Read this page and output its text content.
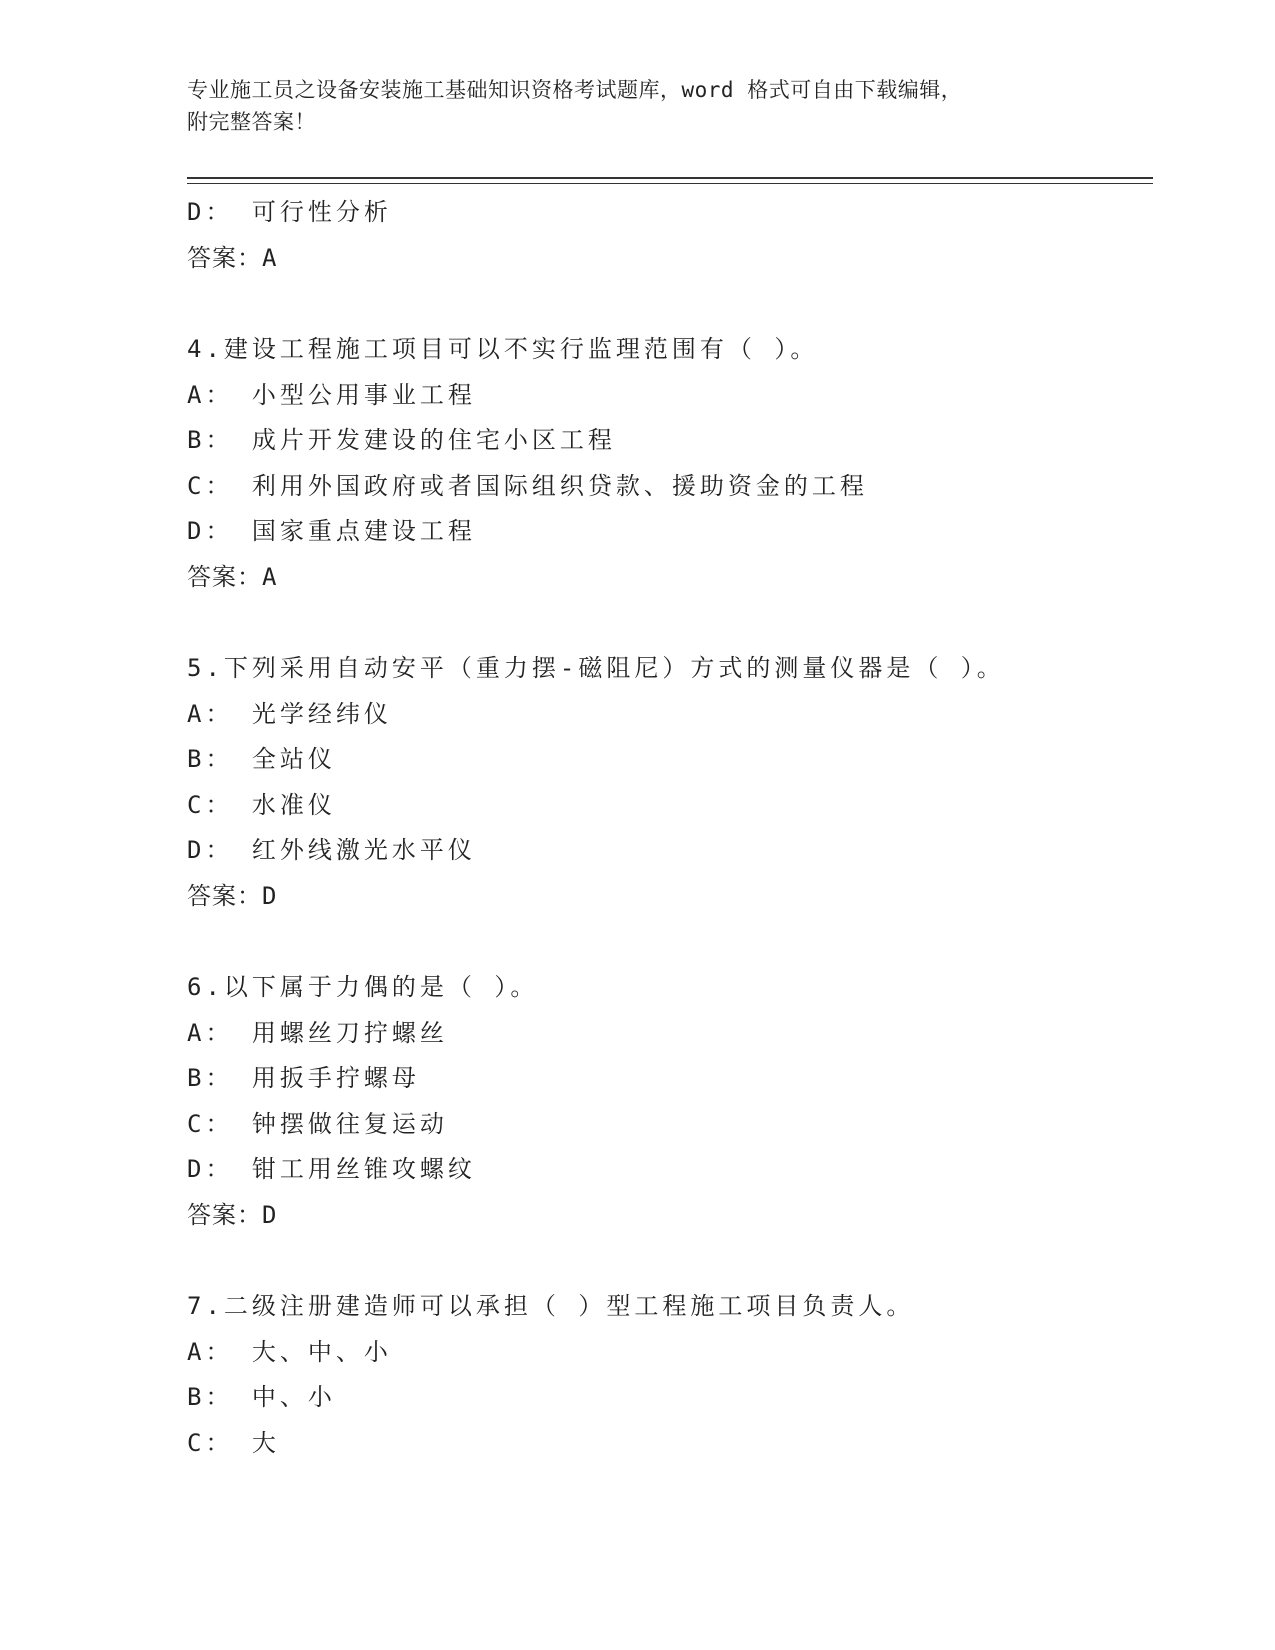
专业施工员之设备安装施工基础知识资格考试题库，word 格式可自由下载编辑，
附完整答案！
D： 可行性分析
答案：A
4.建设工程施工项目可以不实行监理范围有（ ）。
A： 小型公用事业工程
B： 成片开发建设的住宅小区工程
C： 利用外国政府或者国际组织贷款、援助资金的工程
D： 国家重点建设工程
答案：A
5.下列采用自动安平（重力摆-磁阻尼）方式的测量仪器是（ ）。
A： 光学经纬仪
B： 全站仪
C： 水准仪
D： 红外线激光水平仪
答案：D
6.以下属于力偶的是（ ）。
A： 用螺丝刀拧螺丝
B： 用扳手拧螺母
C： 钟摆做往复运动
D： 钳工用丝锥攻螺纹
答案：D
7.二级注册建造师可以承担（ ）型工程施工项目负责人。
A： 大、中、小
B： 中、小
C： 大
